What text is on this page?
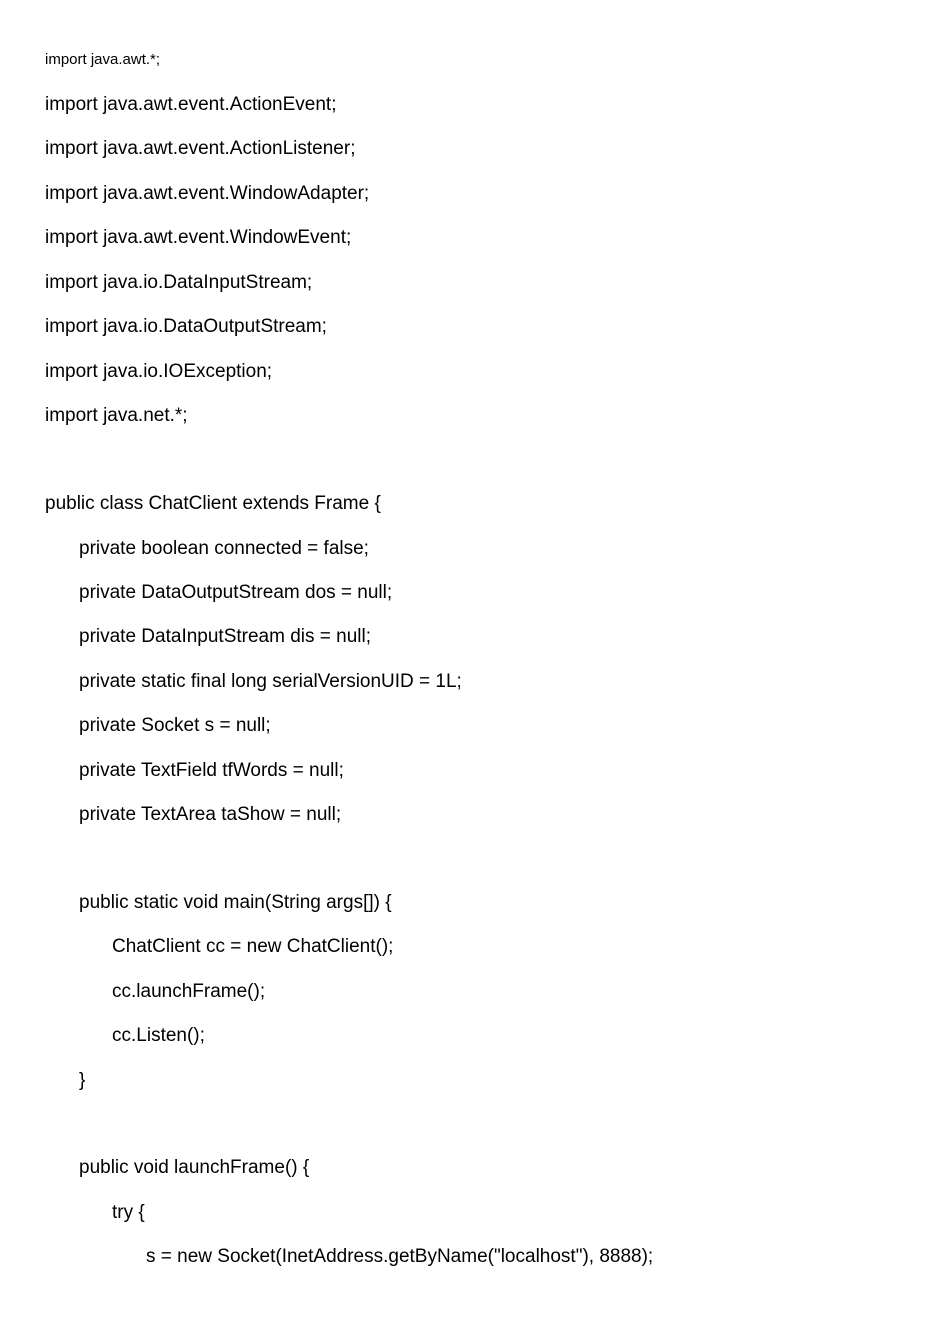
import java.awt.*;
import java.awt.event.ActionEvent;
import java.awt.event.ActionListener;
import java.awt.event.WindowAdapter;
import java.awt.event.WindowEvent;
import java.io.DataInputStream;
import java.io.DataOutputStream;
import java.io.IOException;
import java.net.*;
public class ChatClient extends Frame {
private boolean connected = false;
private DataOutputStream dos = null;
private DataInputStream dis = null;
private static final long serialVersionUID = 1L;
private Socket s = null;
private TextField tfWords = null;
private TextArea taShow = null;
public static void main(String args[]) {
ChatClient cc = new ChatClient();
cc.launchFrame();
cc.Listen();
}
public void launchFrame() {
try {
s = new Socket(InetAddress.getByName("localhost"), 8888);
